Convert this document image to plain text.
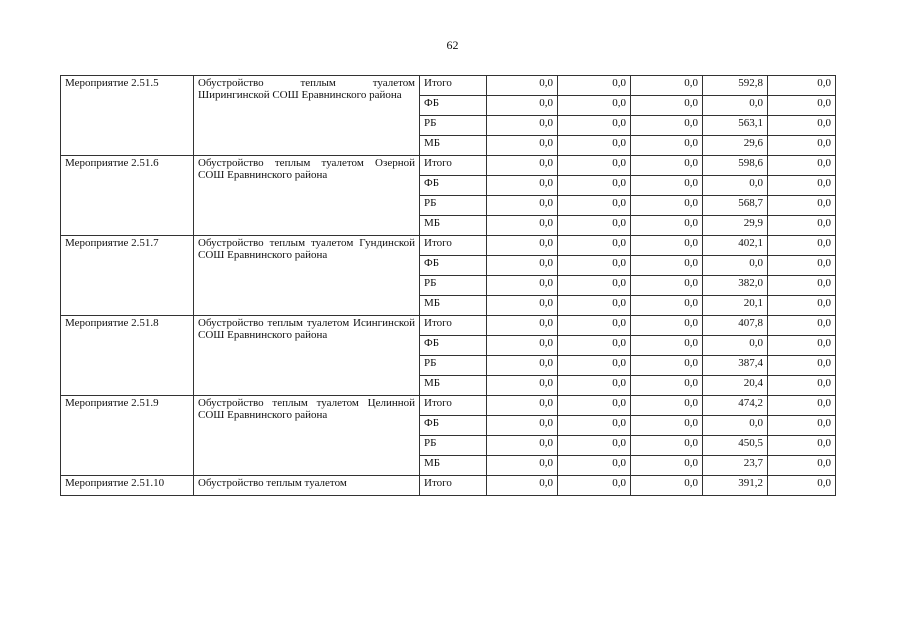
62
Мероприятие 2.51.5	Обустройство теплым туалетом Ширингинской СОШ Еравнинского района	Итого	0,0	0,0	0,0	592,8	0,0
		ФБ	0,0	0,0	0,0	0,0	0,0
		РБ	0,0	0,0	0,0	563,1	0,0
		МБ	0,0	0,0	0,0	29,6	0,0
Мероприятие 2.51.6	Обустройство теплым туалетом Озерной СОШ Еравнинского района	Итого	0,0	0,0	0,0	598,6	0,0
		ФБ	0,0	0,0	0,0	0,0	0,0
		РБ	0,0	0,0	0,0	568,7	0,0
		МБ	0,0	0,0	0,0	29,9	0,0
Мероприятие 2.51.7	Обустройство теплым туалетом Гундинской СОШ Еравнинского района	Итого	0,0	0,0	0,0	402,1	0,0
		ФБ	0,0	0,0	0,0	0,0	0,0
		РБ	0,0	0,0	0,0	382,0	0,0
		МБ	0,0	0,0	0,0	20,1	0,0
Мероприятие 2.51.8	Обустройство теплым туалетом Исингинской СОШ Еравнинского района	Итого	0,0	0,0	0,0	407,8	0,0
		ФБ	0,0	0,0	0,0	0,0	0,0
		РБ	0,0	0,0	0,0	387,4	0,0
		МБ	0,0	0,0	0,0	20,4	0,0
Мероприятие 2.51.9	Обустройство теплым туалетом Целинной СОШ Еравнинского района	Итого	0,0	0,0	0,0	474,2	0,0
		ФБ	0,0	0,0	0,0	0,0	0,0
		РБ	0,0	0,0	0,0	450,5	0,0
		МБ	0,0	0,0	0,0	23,7	0,0
Мероприятие 2.51.10	Обустройство теплым туалетом	Итого	0,0	0,0	0,0	391,2	0,0
